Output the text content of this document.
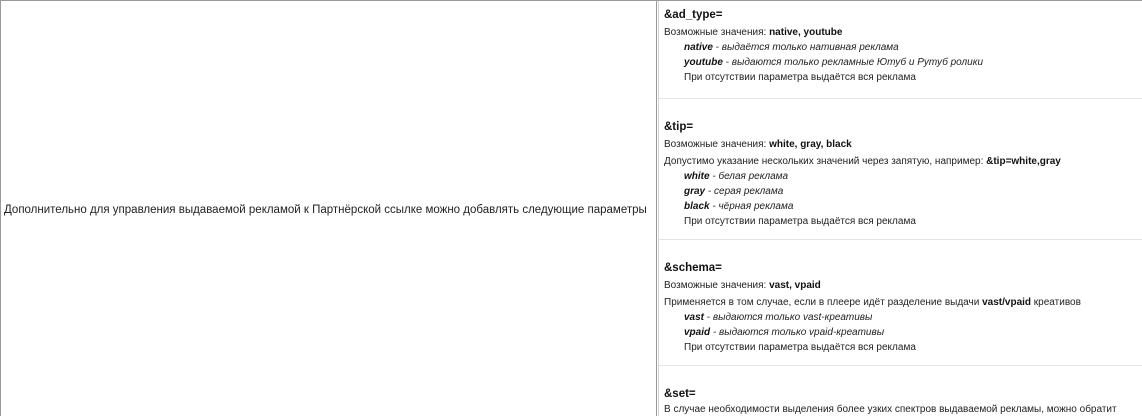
Дополнительно для управления выдаваемой рекламой к Партнёрской ссылке можно добавлять следующие параметры
&ad_type=
Возможные значения: native, youtube
native - выдаётся только нативная реклама
youtube - выдаются только рекламные Ютуб и Рутуб ролики
При отсутствии параметра выдаётся вся реклама
&tip=
Возможные значения: white, gray, black
Допустимо указание нескольких значений через запятую, например: &tip=white,gray
white - белая реклама
gray - серая реклама
black - чёрная реклама
При отсутствии параметра выдаётся вся реклама
&schema=
Возможные значения: vast, vpaid
Применяется в том случае, если в плеере идёт разделение выдачи vast/vpaid креативов
vast - выдаются только vast-креативы
vpaid - выдаются только vpaid-креативы
При отсутствии параметра выдаётся вся реклама
&set=
В случае необходимости выделения более узких спектров выдаваемой рекламы, можно обратит
